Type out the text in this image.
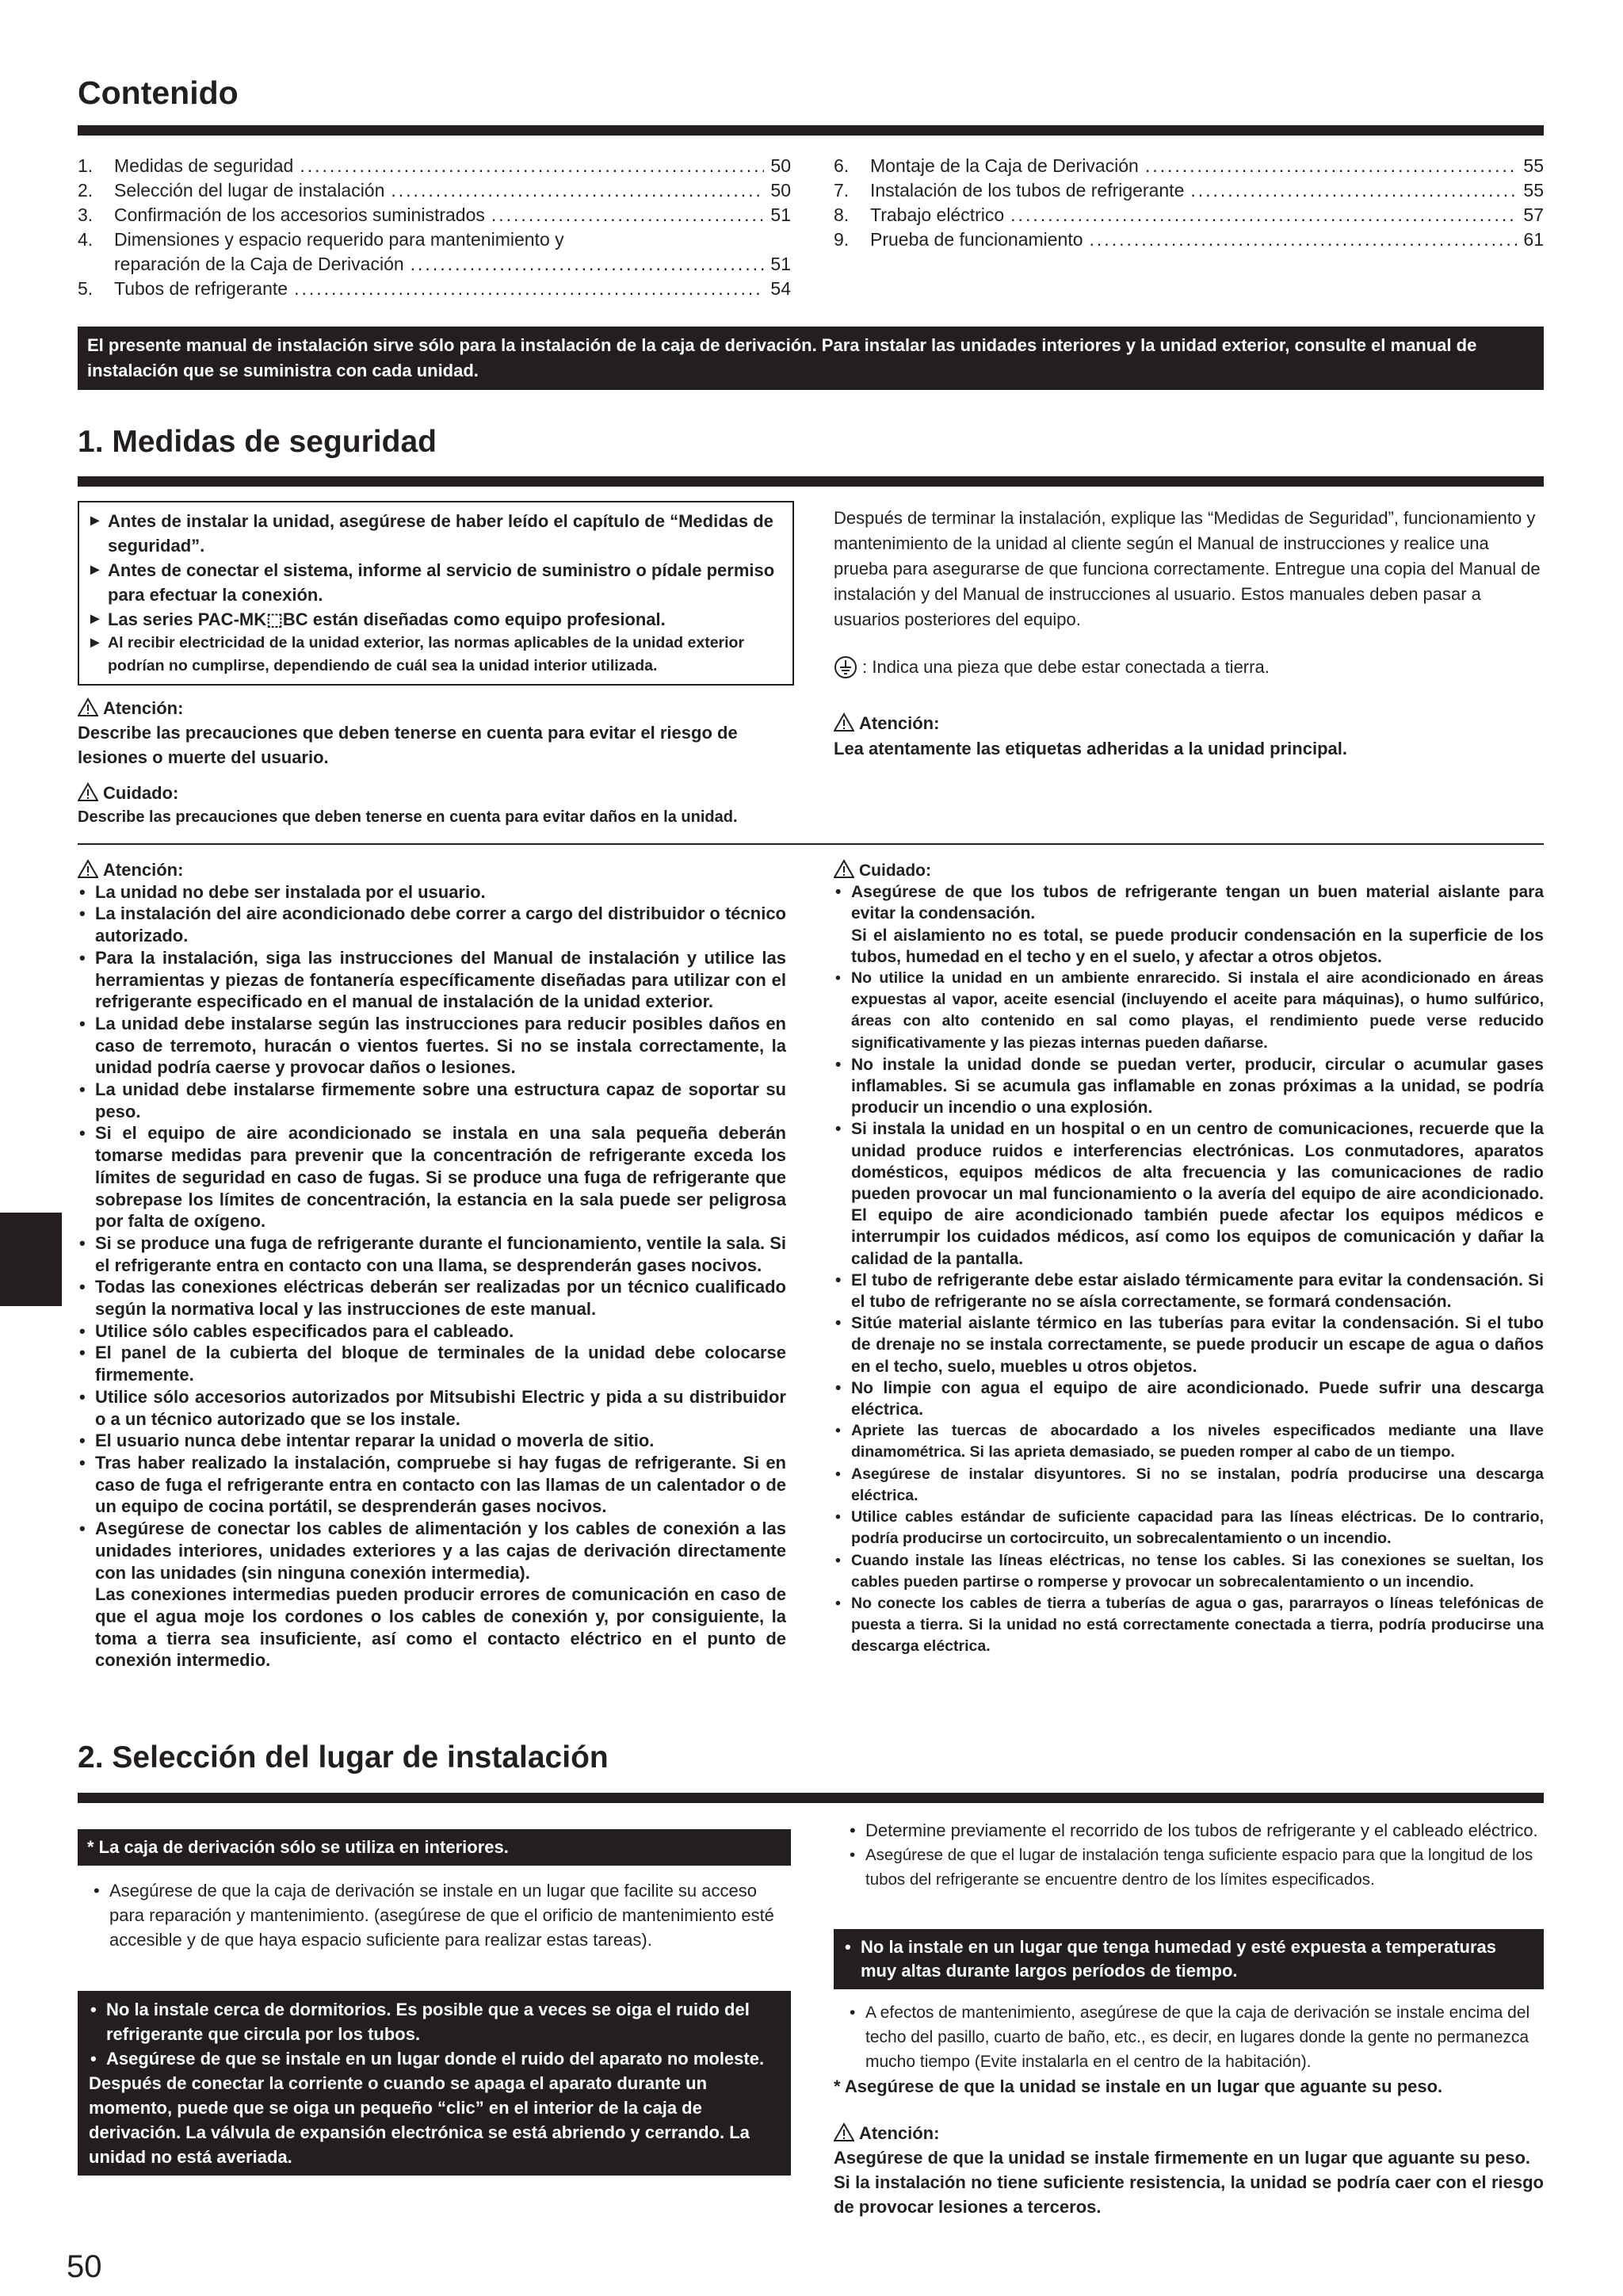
Contenido
1.	Medidas de seguridad .....	50
2.	Selección del lugar de instalación .....	50
3.	Confirmación de los accesorios suministrados .....	51
4.	Dimensiones y espacio requerido para mantenimiento y
reparación de la Caja de Derivación .....	51
5.	Tubos de refrigerante .....	54
6.	Montaje de la Caja de Derivación .....	55
7.	Instalación de los tubos de refrigerante .....	55
8.	Trabajo eléctrico .....	57
9.	Prueba de funcionamiento .....	61
El presente manual de instalación sirve sólo para la instalación de la caja de derivación. Para instalar las unidades interiores y la unidad exterior, consulte el manual de instalación que se suministra con cada unidad.
1. Medidas de seguridad
► Antes de instalar la unidad, asegúrese de haber leído el capítulo de “Medidas de seguridad”.
► Antes de conectar el sistema, informe al servicio de suministro o pídale permiso para efectuar la conexión.
► Las series PAC-MK⬚BC están diseñadas como equipo profesional.
► Al recibir electricidad de la unidad exterior, las normas aplicables de la unidad exterior podrían no cumplirse, dependiendo de cuál sea la unidad interior utilizada.
Atención:
Describe las precauciones que deben tenerse en cuenta para evitar el riesgo de lesiones o muerte del usuario.
Cuidado:
Describe las precauciones que deben tenerse en cuenta para evitar daños en la unidad.
Después de terminar la instalación, explique las “Medidas de Seguridad”, funcionamiento y mantenimiento de la unidad al cliente según el Manual de instrucciones y realice una prueba para asegurarse de que funciona correctamente. Entregue una copia del Manual de instalación y del Manual de instrucciones al usuario. Estos manuales deben pasar a usuarios posteriores del equipo.
: Indica una pieza que debe estar conectada a tierra.
Atención:
Lea atentamente las etiquetas adheridas a la unidad principal.
Atención:
• La unidad no debe ser instalada por el usuario.
• La instalación del aire acondicionado debe correr a cargo del distribuidor o técnico autorizado.
• Para la instalación, siga las instrucciones del Manual de instalación y utilice las herramientas y piezas de fontanería específicamente diseñadas para utilizar con el refrigerante especificado en el manual de instalación de la unidad exterior.
• La unidad debe instalarse según las instrucciones para reducir posibles daños en caso de terremoto, huracán o vientos fuertes. Si no se instala correctamente, la unidad podría caerse y provocar daños o lesiones.
• La unidad debe instalarse firmemente sobre una estructura capaz de soportar su peso.
• Si el equipo de aire acondicionado se instala en una sala pequeña deberán tomarse medidas para prevenir que la concentración de refrigerante exceda los límites de seguridad en caso de fugas. Si se produce una fuga de refrigerante que sobrepase los límites de concentración, la estancia en la sala puede ser peligrosa por falta de oxígeno.
• Si se produce una fuga de refrigerante durante el funcionamiento, ventile la sala. Si el refrigerante entra en contacto con una llama, se desprenderán gases nocivos.
• Todas las conexiones eléctricas deberán ser realizadas por un técnico cualificado según la normativa local y las instrucciones de este manual.
• Utilice sólo cables especificados para el cableado.
• El panel de la cubierta del bloque de terminales de la unidad debe colocarse firmemente.
• Utilice sólo accesorios autorizados por Mitsubishi Electric y pida a su distribuidor o a un técnico autorizado que se los instale.
• El usuario nunca debe intentar reparar la unidad o moverla de sitio.
• Tras haber realizado la instalación, compruebe si hay fugas de refrigerante. Si en caso de fuga el refrigerante entra en contacto con las llamas de un calentador o de un equipo de cocina portátil, se desprenderán gases nocivos.
• Asegúrese de conectar los cables de alimentación y los cables de conexión a las unidades interiores, unidades exteriores y a las cajas de derivación directamente con las unidades (sin ninguna conexión intermedia).
Las conexiones intermedias pueden producir errores de comunicación en caso de que el agua moje los cordones o los cables de conexión y, por consiguiente, la toma a tierra sea insuficiente, así como el contacto eléctrico en el punto de conexión intermedio.
Cuidado:
• Asegúrese de que los tubos de refrigerante tengan un buen material aislante para evitar la condensación.
Si el aislamiento no es total, se puede producir condensación en la superficie de los tubos, humedad en el techo y en el suelo, y afectar a otros objetos.
• No utilice la unidad en un ambiente enrarecido. Si instala el aire acondicionado en áreas expuestas al vapor, aceite esencial (incluyendo el aceite para máquinas), o humo sulfúrico, áreas con alto contenido en sal como playas, el rendimiento puede verse reducido significativamente y las piezas internas pueden dañarse.
• No instale la unidad donde se puedan verter, producir, circular o acumular gases inflamables. Si se acumula gas inflamable en zonas próximas a la unidad, se podría producir un incendio o una explosión.
• Si instala la unidad en un hospital o en un centro de comunicaciones, recuerde que la unidad produce ruidos e interferencias electrónicas. Los conmutadores, aparatos domésticos, equipos médicos de alta frecuencia y las comunicaciones de radio pueden provocar un mal funcionamiento o la avería del equipo de aire acondicionado. El equipo de aire acondicionado también puede afectar los equipos médicos e interrumpir los cuidados médicos, así como los equipos de comunicación y dañar la calidad de la pantalla.
• El tubo de refrigerante debe estar aislado térmicamente para evitar la condensación. Si el tubo de refrigerante no se aísla correctamente, se formará condensación.
• Sitúe material aislante térmico en las tuberías para evitar la condensación. Si el tubo de drenaje no se instala correctamente, se puede producir un escape de agua o daños en el techo, suelo, muebles u otros objetos.
• No limpie con agua el equipo de aire acondicionado. Puede sufrir una descarga eléctrica.
• Apriete las tuercas de abocardado a los niveles especificados mediante una llave dinamométrica. Si las aprieta demasiado, se pueden romper al cabo de un tiempo.
• Asegúrese de instalar disyuntores. Si no se instalan, podría producirse una descarga eléctrica.
• Utilice cables estándar de suficiente capacidad para las líneas eléctricas. De lo contrario, podría producirse un cortocircuito, un sobrecalentamiento o un incendio.
• Cuando instale las líneas eléctricas, no tense los cables. Si las conexiones se sueltan, los cables pueden partirse o romperse y provocar un sobrecalentamiento o un incendio.
• No conecte los cables de tierra a tuberías de agua o gas, pararrayos o líneas telefónicas de puesta a tierra. Si la unidad no está correctamente conectada a tierra, podría producirse una descarga eléctrica.
2. Selección del lugar de instalación
* La caja de derivación sólo se utiliza en interiores.
• Asegúrese de que la caja de derivación se instale en un lugar que facilite su acceso para reparación y mantenimiento. (asegúrese de que el orificio de mantenimiento esté accesible y de que haya espacio suficiente para realizar estas tareas).
• No la instale cerca de dormitorios. Es posible que a veces se oiga el ruido del refrigerante que circula por los tubos.
• Asegúrese de que se instale en un lugar donde el ruido del aparato no moleste.
Después de conectar la corriente o cuando se apaga el aparato durante un momento, puede que se oiga un pequeño “clic” en el interior de la caja de derivación. La válvula de expansión electrónica se está abriendo y cerrando. La unidad no está averiada.
• Determine previamente el recorrido de los tubos de refrigerante y el cableado eléctrico.
• Asegúrese de que el lugar de instalación tenga suficiente espacio para que la longitud de los tubos del refrigerante se encuentre dentro de los límites especificados.
• No la instale en un lugar que tenga humedad y esté expuesta a temperaturas muy altas durante largos períodos de tiempo.
• A efectos de mantenimiento, asegúrese de que la caja de derivación se instale encima del techo del pasillo, cuarto de baño, etc., es decir, en lugares donde la gente no permanezca mucho tiempo (Evite instalarla en el centro de la habitación).
* Asegúrese de que la unidad se instale en un lugar que aguante su peso.
Atención:
Asegúrese de que la unidad se instale firmemente en un lugar que aguante su peso.
Si la instalación no tiene suficiente resistencia, la unidad se podría caer con el riesgo de provocar lesiones a terceros.
50
